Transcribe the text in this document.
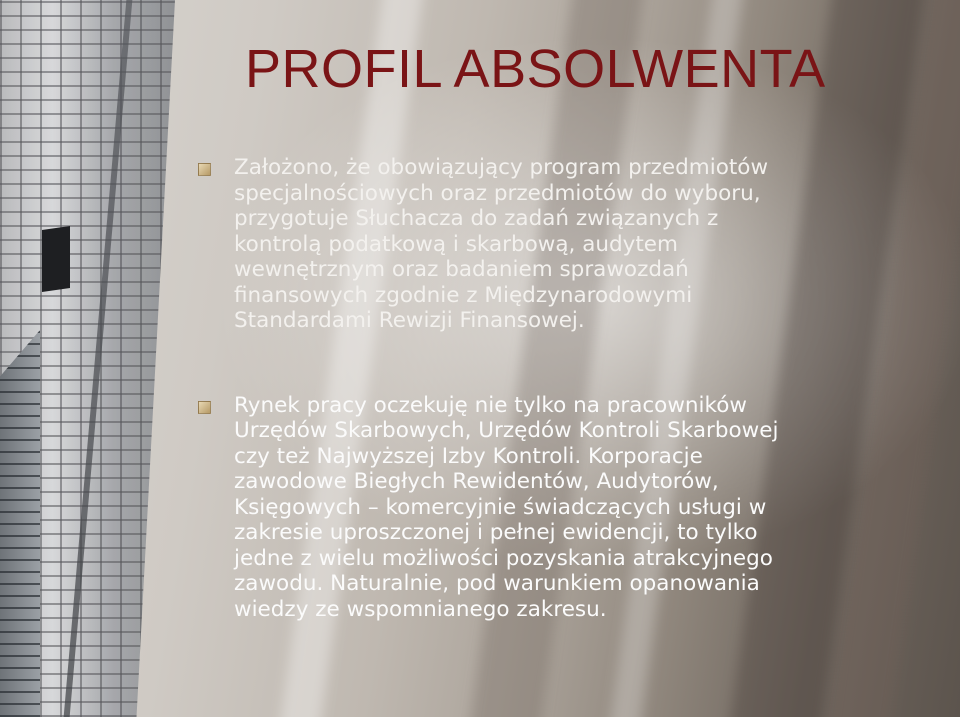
PROFIL ABSOLWENTA
Założono, że obowiązujący program przedmiotów
specjalnościowych oraz przedmiotów do wyboru,
przygotuje Słuchacza do zadań związanych z
kontrolą podatkową i skarbową, audytem
wewnętrznym oraz badaniem sprawozdań
finansowych zgodnie z Międzynarodowymi
Standardami Rewizji Finansowej.
Rynek pracy oczekuję nie tylko na pracowników
Urzędów Skarbowych, Urzędów Kontroli Skarbowej
czy też Najwyższej Izby Kontroli. Korporacje
zawodowe Biegłych Rewidentów, Audytorów,
Księgowych – komercyjnie świadczących usługi w
zakresie uproszczonej i pełnej ewidencji, to tylko
jedne z wielu możliwości pozyskania atrakcyjnego
zawodu. Naturalnie, pod warunkiem opanowania
wiedzy ze wspomnianego zakresu.
